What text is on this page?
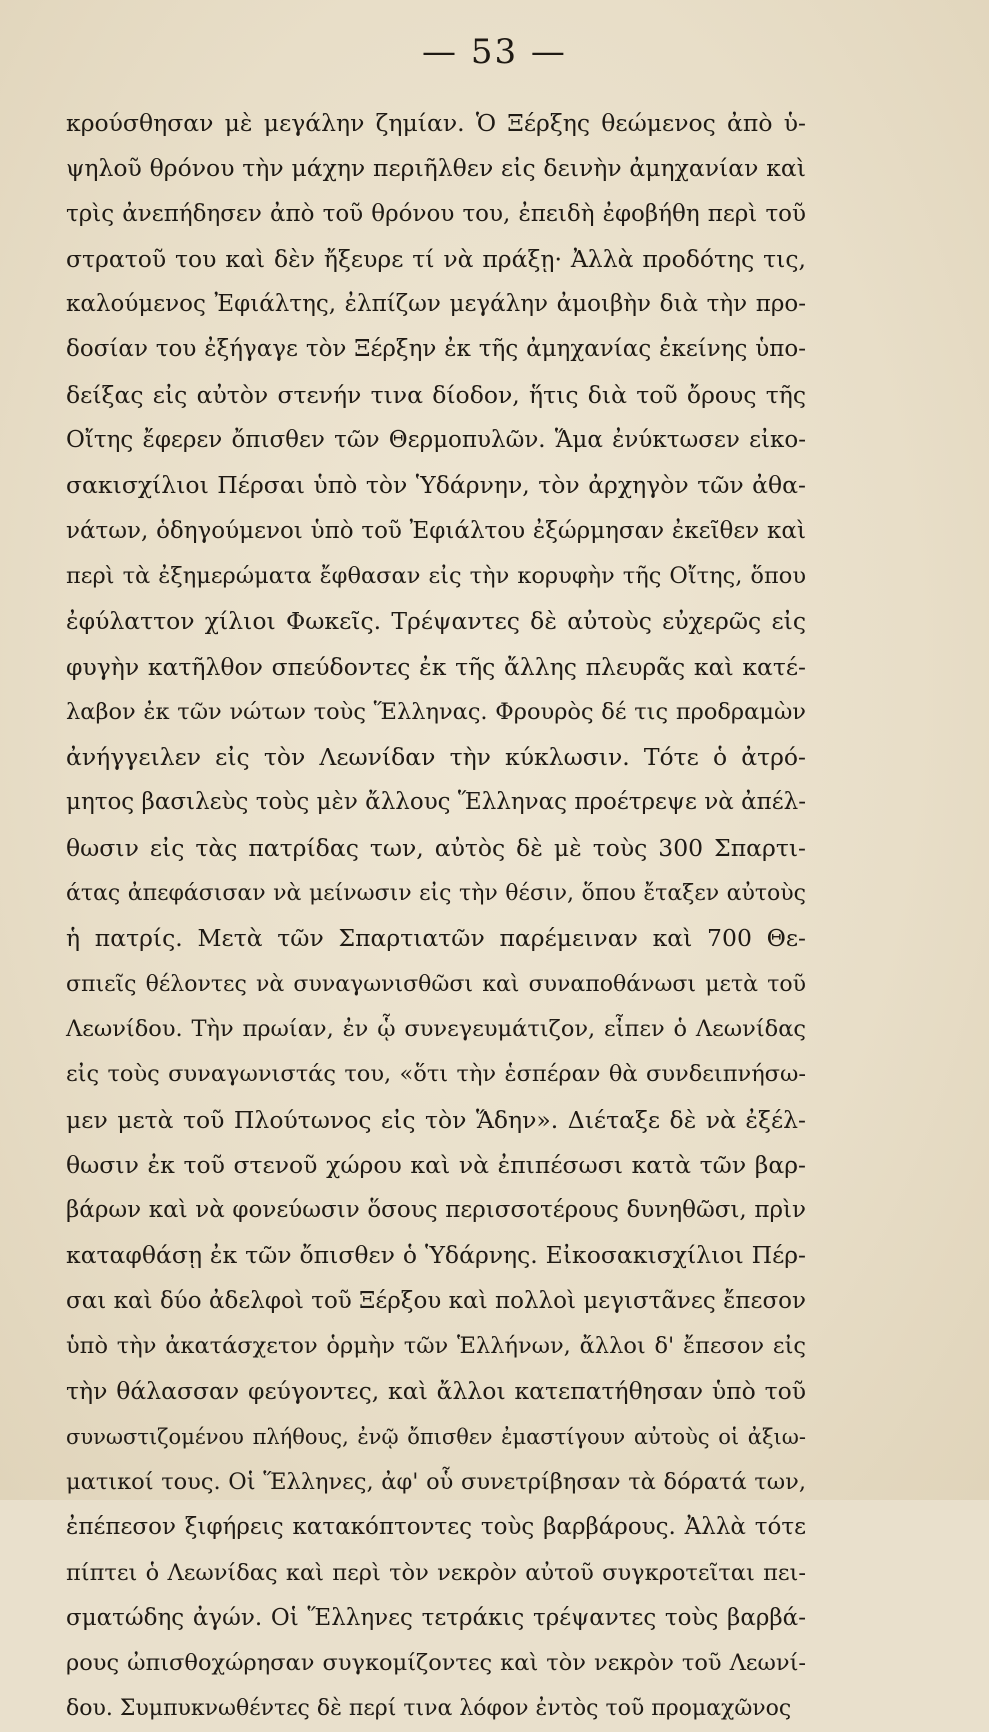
— 53 —
κρούσθησαν μὲ μεγάλην ζημίαν. Ὁ Ξέρξης θεώμενος ἀπὸ ὑ-
ψηλοῦ θρόνου τὴν μάχην περιῆλθεν εἰς δεινὴν ἀμηχανίαν καὶ
τρὶς ἀνεπήδησεν ἀπὸ τοῦ θρόνου του, ἐπειδὴ ἐφοβήθη περὶ τοῦ
στρατοῦ του καὶ δὲν ἤξευρε τί νὰ πράξῃ· Ἀλλὰ προδότης τις,
καλούμενος Ἐφιάλτης, ἐλπίζων μεγάλην ἀμοιβὴν διὰ τὴν προ-
δοσίαν του ἐξήγαγε τὸν Ξέρξην ἐκ τῆς ἀμηχανίας ἐκείνης ὑπο-
δείξας εἰς αὐτὸν στενήν τινα δίοδον, ἥτις διὰ τοῦ ὄρους τῆς
Οἴτης ἔφερεν ὄπισθεν τῶν Θερμοπυλῶν. Ἅμα ἐνύκτωσεν εἰκο-
σακισχίλιοι Πέρσαι ὑπὸ τὸν Ὑδάρνην, τὸν ἀρχηγὸν τῶν ἀθα-
νάτων, ὁδηγούμενοι ὑπὸ τοῦ Ἐφιάλτου ἐξώρμησαν ἐκεῖθεν καὶ
περὶ τὰ ἐξημερώματα ἔφθασαν εἰς τὴν κορυφὴν τῆς Οἴτης, ὅπου
ἐφύλαττον χίλιοι Φωκεῖς. Τρέψαντες δὲ αὐτοὺς εὐχερῶς εἰς
φυγὴν κατῆλθον σπεύδοντες ἐκ τῆς ἄλλης πλευρᾶς καὶ κατέ-
λαβον ἐκ τῶν νώτων τοὺς Ἕλληνας. Φρουρὸς δέ τις προδραμὼν
ἀνήγγειλεν εἰς τὸν Λεωνίδαν τὴν κύκλωσιν. Τότε ὁ ἀτρό-
μητος βασιλεὺς τοὺς μὲν ἄλλους Ἕλληνας προέτρεψε νὰ ἀπέλ-
θωσιν εἰς τὰς πατρίδας των, αὐτὸς δὲ μὲ τοὺς 300 Σπαρτι-
άτας ἀπεφάσισαν νὰ μείνωσιν εἰς τὴν θέσιν, ὅπου ἔταξεν αὐτοὺς
ἡ πατρίς. Μετὰ τῶν Σπαρτιατῶν παρέμειναν καὶ 700 Θε-
σπιεῖς θέλοντες νὰ συναγωνισθῶσι καὶ συναποθάνωσι μετὰ τοῦ
Λεωνίδου. Τὴν πρωίαν, ἐν ᾧ συνεγευμάτιζον, εἶπεν ὁ Λεωνίδας
εἰς τοὺς συναγωνιστάς του, «ὅτι τὴν ἑσπέραν θὰ συνδειπνήσω-
μεν μετὰ τοῦ Πλούτωνος εἰς τὸν Ἅδην». Διέταξε δὲ νὰ ἐξέλ-
θωσιν ἐκ τοῦ στενοῦ χώρου καὶ νὰ ἐπιπέσωσι κατὰ τῶν βαρ-
βάρων καὶ νὰ φονεύωσιν ὅσους περισσοτέρους δυνηθῶσι, πρὶν
καταφθάσῃ ἐκ τῶν ὄπισθεν ὁ Ὑδάρνης. Εἰκοσακισχίλιοι Πέρ-
σαι καὶ δύο ἀδελφοὶ τοῦ Ξέρξου καὶ πολλοὶ μεγιστᾶνες ἔπεσον
ὑπὸ τὴν ἀκατάσχετον ὁρμὴν τῶν Ἑλλήνων, ἄλλοι δ' ἔπεσον εἰς
τὴν θάλασσαν φεύγοντες, καὶ ἄλλοι κατεπατήθησαν ὑπὸ τοῦ
συνωστιζομένου πλήθους, ἐνῷ ὄπισθεν ἐμαστίγουν αὐτοὺς οἱ ἀξιω-
ματικοί τους. Οἱ Ἕλληνες, ἀφ' οὗ συνετρίβησαν τὰ δόρατά των,
ἐπέπεσον ξιφήρεις κατακόπτοντες τοὺς βαρβάρους. Ἀλλὰ τότε
πίπτει ὁ Λεωνίδας καὶ περὶ τὸν νεκρὸν αὐτοῦ συγκροτεῖται πει-
σματώδης ἀγών. Οἱ Ἕλληνες τετράκις τρέψαντες τοὺς βαρβά-
ρους ὠπισθοχώρησαν συγκομίζοντες καὶ τὸν νεκρὸν τοῦ Λεωνί-
δου. Συμπυκνωθέντες δὲ περί τινα λόφον ἐντὸς τοῦ προμαχῶνος
